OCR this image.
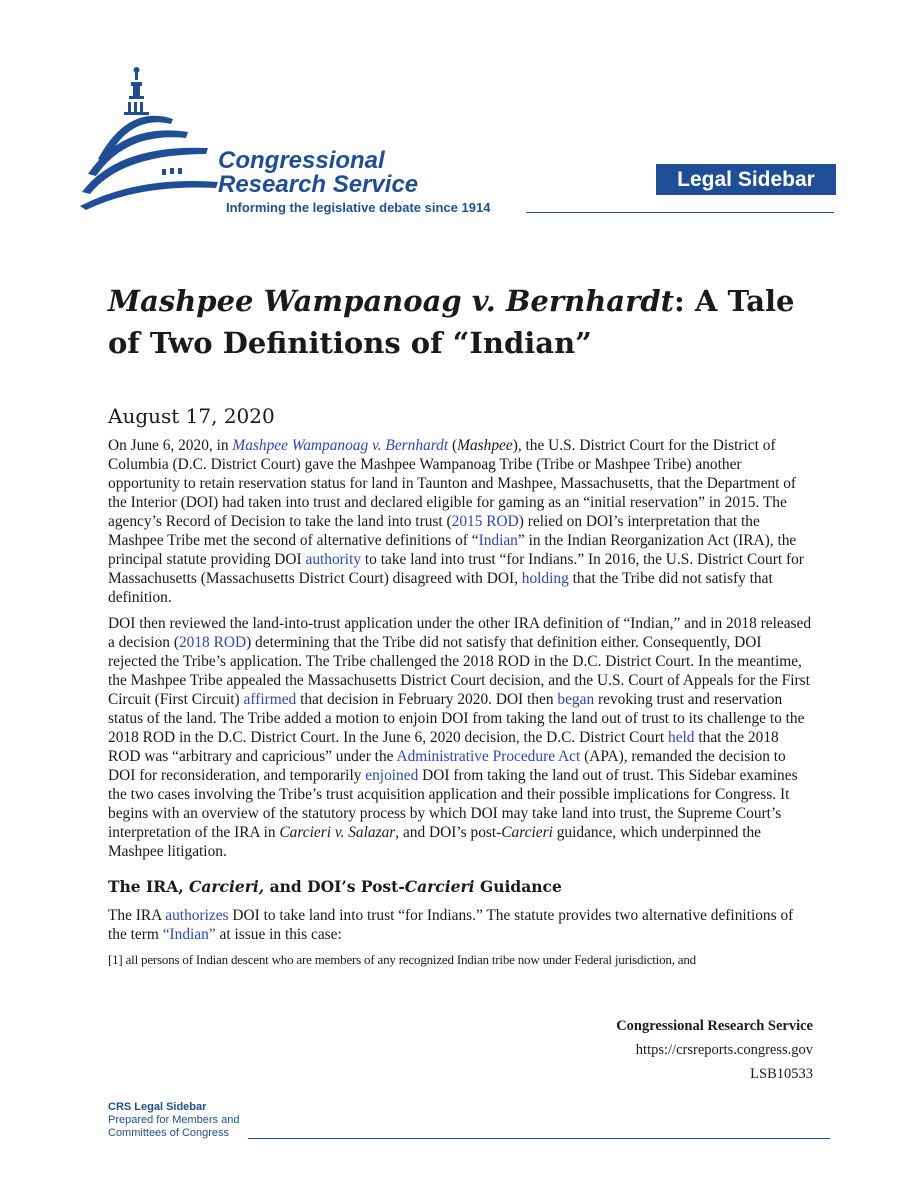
Congressional
Research Service
Informing the legislative debate since 1914
Legal Sidebar
Mashpee Wampanoag v. Bernhardt: A Tale of Two Definitions of “Indian”
August 17, 2020

On June 6, 2020, in Mashpee Wampanoag v. Bernhardt (Mashpee), the U.S. District Court for the District of Columbia (D.C. District Court) gave the Mashpee Wampanoag Tribe (Tribe or Mashpee Tribe) another opportunity to retain reservation status for land in Taunton and Mashpee, Massachusetts, that the Department of the Interior (DOI) had taken into trust and declared eligible for gaming as an “initial reservation” in 2015. The agency’s Record of Decision to take the land into trust (2015 ROD) relied on DOI’s interpretation that the Mashpee Tribe met the second of alternative definitions of “Indian” in the Indian Reorganization Act (IRA), the principal statute providing DOI authority to take land into trust “for Indians.” In 2016, the U.S. District Court for Massachusetts (Massachusetts District Court) disagreed with DOI, holding that the Tribe did not satisfy that definition.

DOI then reviewed the land-into-trust application under the other IRA definition of “Indian,” and in 2018 released a decision (2018 ROD) determining that the Tribe did not satisfy that definition either. Consequently, DOI rejected the Tribe’s application. The Tribe challenged the 2018 ROD in the D.C. District Court. In the meantime, the Mashpee Tribe appealed the Massachusetts District Court decision, and the U.S. Court of Appeals for the First Circuit (First Circuit) affirmed that decision in February 2020. DOI then began revoking trust and reservation status of the land. The Tribe added a motion to enjoin DOI from taking the land out of trust to its challenge to the 2018 ROD in the D.C. District Court. In the June 6, 2020 decision, the D.C. District Court held that the 2018 ROD was “arbitrary and capricious” under the Administrative Procedure Act (APA), remanded the decision to DOI for reconsideration, and temporarily enjoined DOI from taking the land out of trust. This Sidebar examines the two cases involving the Tribe’s trust acquisition application and their possible implications for Congress. It begins with an overview of the statutory process by which DOI may take land into trust, the Supreme Court’s interpretation of the IRA in Carcieri v. Salazar, and DOI’s post-Carcieri guidance, which underpinned the Mashpee litigation.

The IRA, Carcieri, and DOI’s Post-Carcieri Guidance

The IRA authorizes DOI to take land into trust “for Indians.” The statute provides two alternative definitions of the term “Indian” at issue in this case:

[1] all persons of Indian descent who are members of any recognized Indian tribe now under Federal jurisdiction, and

Congressional Research Service
https://crsreports.congress.gov
LSB10533
CRS Legal Sidebar
Prepared for Members and
Committees of Congress
